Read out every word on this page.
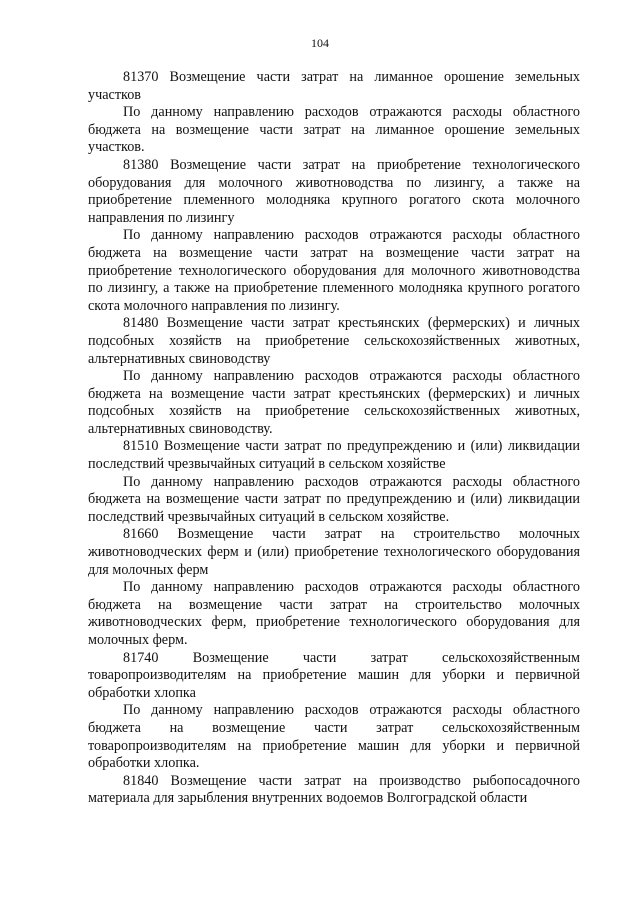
104

81370 Возмещение части затрат на лиманное орошение земельных участков

По данному направлению расходов отражаются расходы областного бюджета на возмещение части затрат на лиманное орошение земельных участков.

81380 Возмещение части затрат на приобретение технологического оборудования для молочного животноводства по лизингу, а также на приобретение племенного молодняка крупного рогатого скота молочного направления по лизингу

По данному направлению расходов отражаются расходы областного бюджета на возмещение части затрат на возмещение части затрат на приобретение технологического оборудования для молочного животноводства по лизингу, а также на приобретение племенного молодняка крупного рогатого скота молочного направления по лизингу.

81480 Возмещение части затрат крестьянских (фермерских) и личных подсобных хозяйств на приобретение сельскохозяйственных животных, альтернативных свиноводству

По данному направлению расходов отражаются расходы областного бюджета на возмещение части затрат крестьянских (фермерских) и личных подсобных хозяйств на приобретение сельскохозяйственных животных, альтернативных свиноводству.

81510 Возмещение части затрат по предупреждению и (или) ликвидации последствий чрезвычайных ситуаций в сельском хозяйстве

По данному направлению расходов отражаются расходы областного бюджета на возмещение части затрат по предупреждению и (или) ликвидации последствий чрезвычайных ситуаций в сельском хозяйстве.

81660 Возмещение части затрат на строительство молочных животноводческих ферм и (или) приобретение технологического оборудования для молочных ферм

По данному направлению расходов отражаются расходы областного бюджета на возмещение части затрат на строительство молочных животноводческих ферм, приобретение технологического оборудования для молочных ферм.

81740 Возмещение части затрат сельскохозяйственным товаропроизводителям на приобретение машин для уборки и первичной обработки хлопка

По данному направлению расходов отражаются расходы областного бюджета на возмещение части затрат сельскохозяйственным товаропроизводителям на приобретение машин для уборки и первичной обработки хлопка.

81840 Возмещение части затрат на производство рыбопосадочного материала для зарыбления внутренних водоемов Волгоградской области
